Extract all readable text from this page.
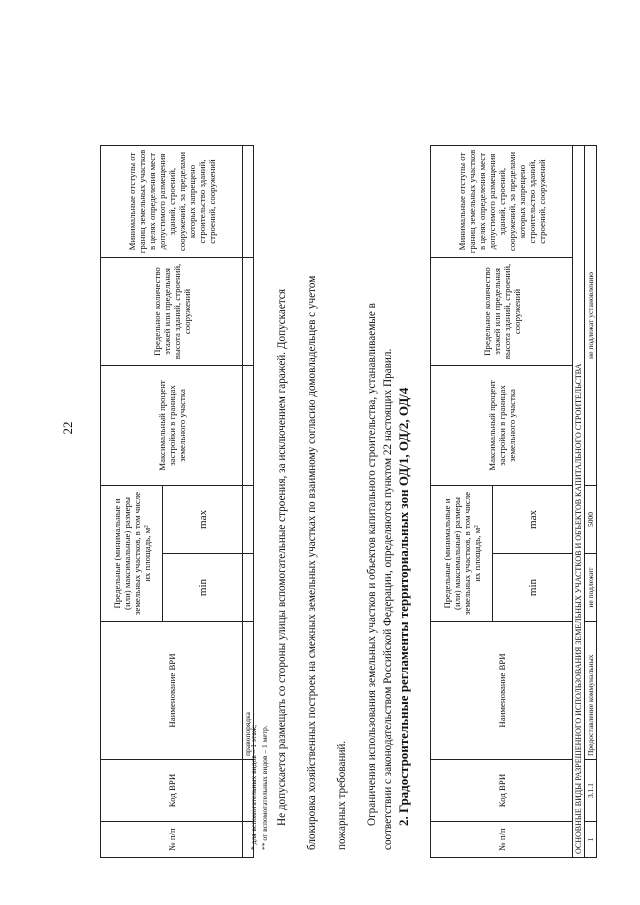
22
№ п/п	Код ВРИ	Наименование ВРИ	Предельные (минимальные и (или) максимальные) размеры земельных участков, в том числе их площадь, м²		Максимальный процент застройки в границах земельного участка	Предельное количество этажей или предельная высота зданий, строений, сооружений	Минимальные отступы от границ земельных участков в целях определения мест допустимого размещения зданий, строений, сооружений, за пределами которых запрещено строительство зданий, строений, сооружений
			min	max			
		правопорядка					
* для вспомогательных видов – 1 этаж; ** от вспомогательных видов – 1 метр. Не допускается размещать со стороны улицы вспомогательные строения, за исключением гаражей. Допускается блокировка хозяйственных построек на смежных земельных участках по взаимному согласию домовладельцев с учетом пожарных требований. Ограничения использования земельных участков и объектов капитального строительства, устанавливаемые в 2. Градостроительные регламенты территориальных зон ОД/1, ОД/2, ОД/4
№ п/п	Код ВРИ	Наименование ВРИ	Предельные (минимальные и (или) максимальные) размеры земельных участков, в том числе их площадь, м²		Максимальный процент застройки в границах земельного участка	Предельное количество этажей или предельная высота зданий, строений, сооружений	Минимальные отступы от границ земельных участков в целях определения мест допустимого размещения зданий, строений, сооружений, за пределами которых запрещено строительство зданий, строений, сооружений
			min	max			
ОСНОВНЫЕ ВИДЫ РАЗРЕШЕННОГО ИСПОЛЬЗОВАНИЯ ЗЕМЕЛЬНЫХ УЧАСТКОВ И ОБЪЕКТОВ КАПИТАЛЬНОГО СТРОИТЕЛЬСТВА							
1	3.1.1	Предоставление коммунальных	не подлежит	5000	не подлежат установлению		
соответствии с законодательством Российской Федерации, определяются пунктом 22 настоящих Правил.
